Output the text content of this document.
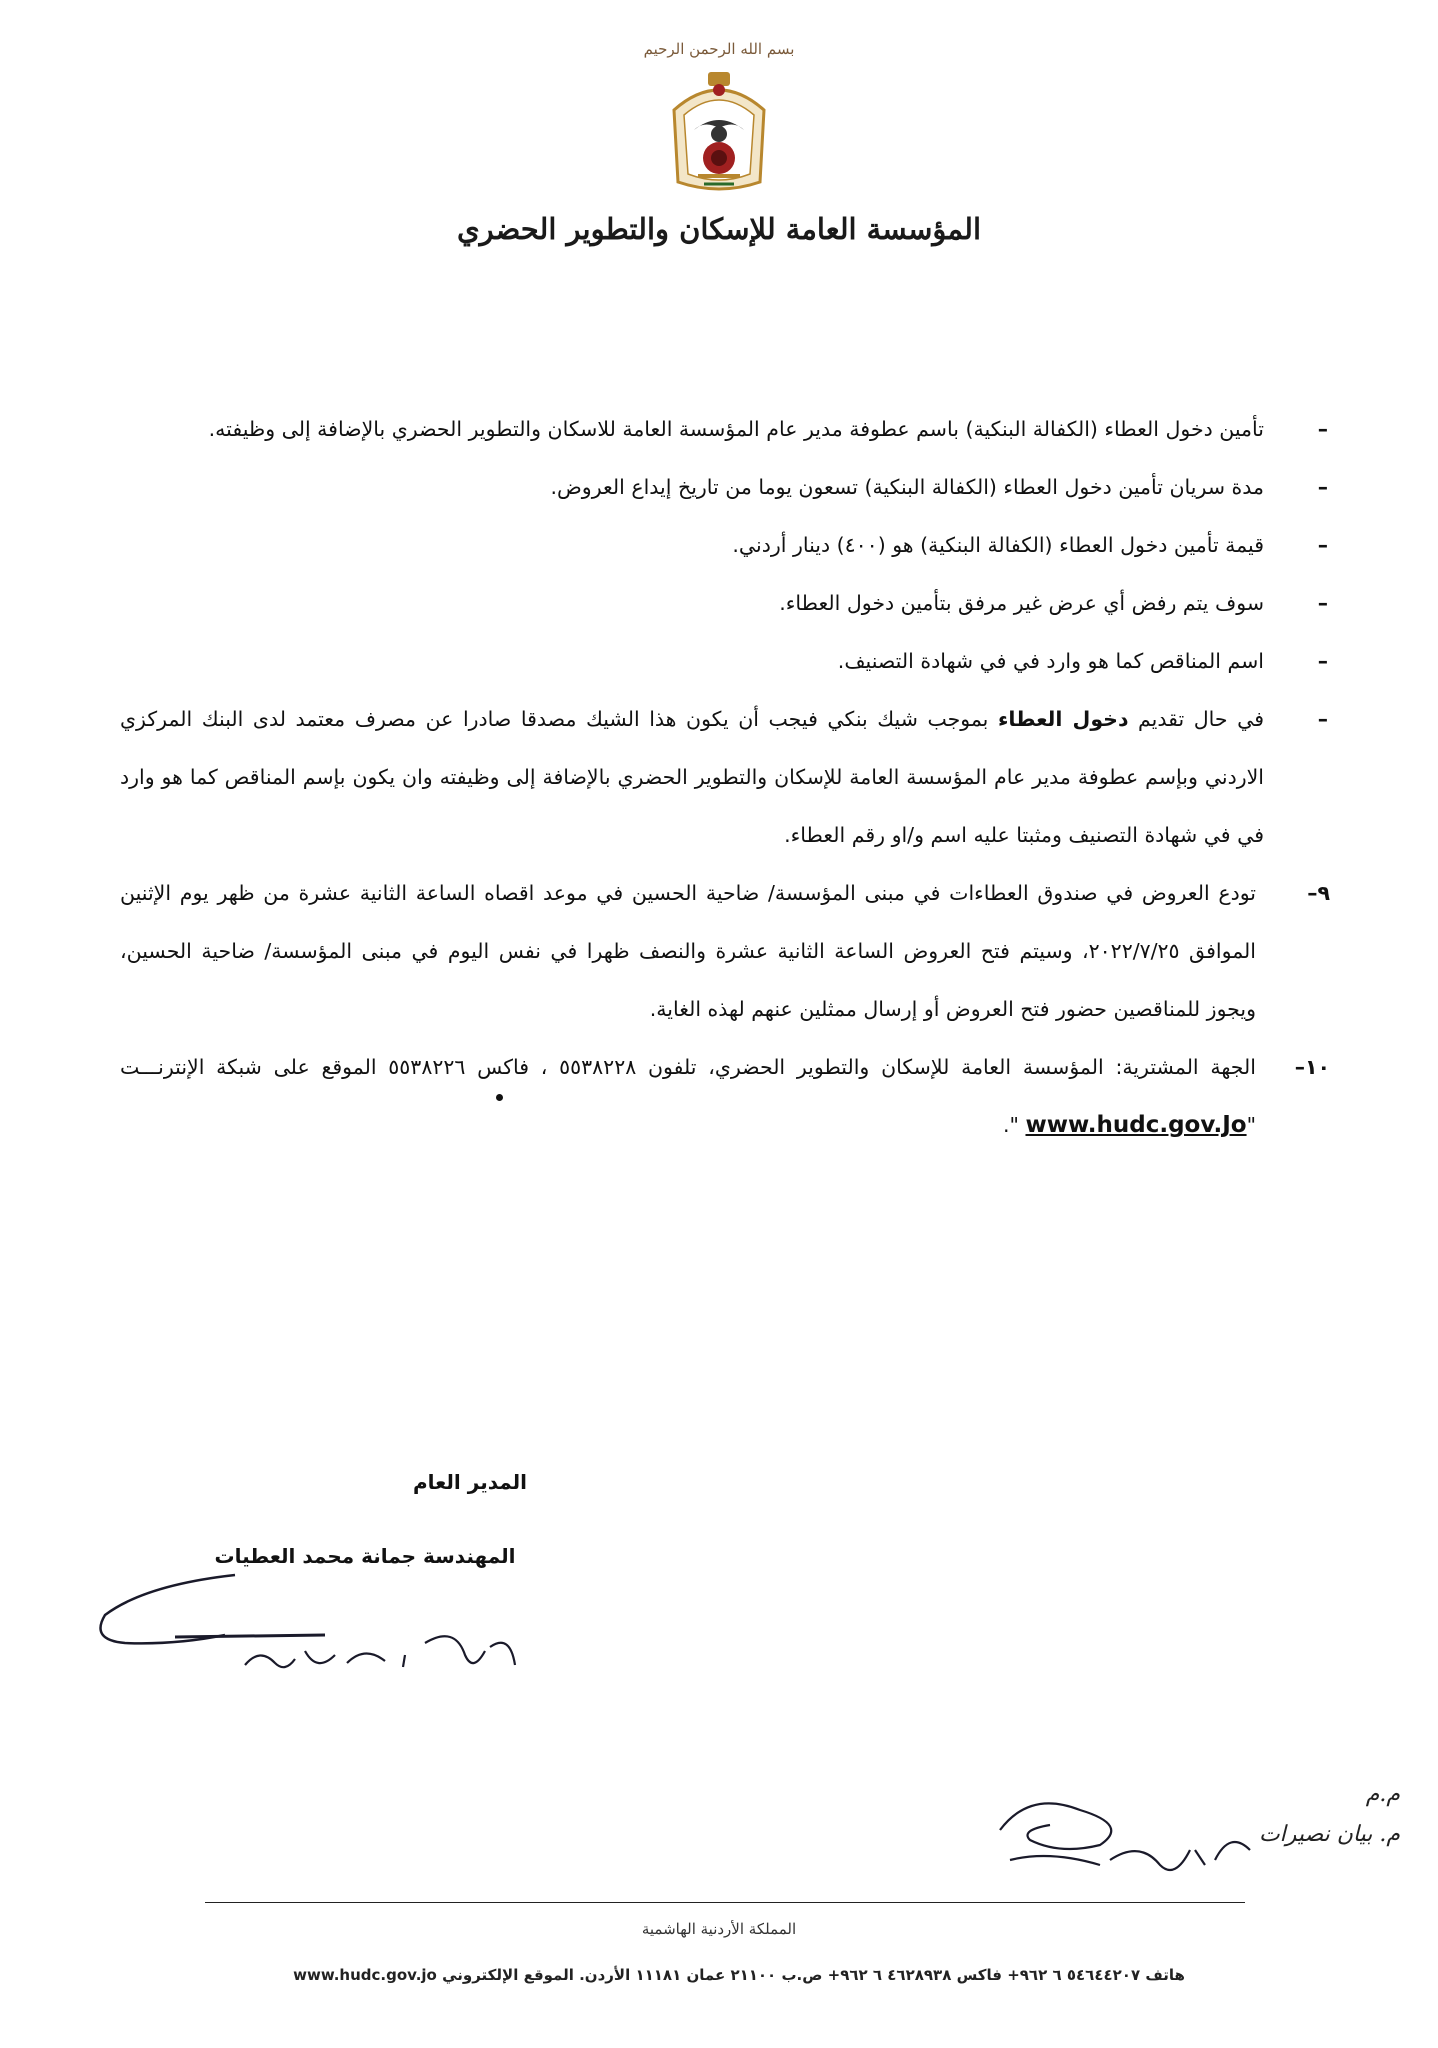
بسم الله الرحمن الرحيم
المؤسسة العامة للإسكان والتطوير الحضري

–
تأمين دخول العطاء (الكفالة البنكية) باسم عطوفة مدير عام المؤسسة العامة للاسكان والتطوير الحضري بالإضافة إلى وظيفته.

–
مدة سريان تأمين دخول العطاء (الكفالة البنكية) تسعون يوما من تاريخ إيداع العروض.

–
قيمة تأمين دخول العطاء (الكفالة البنكية) هو (٤٠٠) دينار أردني.

–
سوف يتم رفض أي عرض غير مرفق بتأمين دخول العطاء.

–
اسم المناقص كما هو وارد في في شهادة التصنيف.

–
في حال تقديم دخول العطاء بموجب شيك بنكي فيجب أن يكون هذا الشيك مصدقا صادرا عن مصرف معتمد لدى البنك المركزي الاردني وبإسم عطوفة مدير عام المؤسسة العامة للإسكان والتطوير الحضري بالإضافة إلى وظيفته وان يكون بإسم المناقص كما هو وارد في في شهادة التصنيف ومثبتا عليه اسم و/او رقم العطاء.

٩–
تودع العروض في صندوق العطاءات في مبنى المؤسسة/ ضاحية الحسين في موعد اقصاه الساعة الثانية عشرة من ظهر يوم الإثنين الموافق ٢٠٢٢/٧/٢٥، وسيتم فتح العروض الساعة الثانية عشرة والنصف ظهرا في نفس اليوم في مبنى المؤسسة/ ضاحية الحسين، ويجوز للمناقصين حضور فتح العروض أو إرسال ممثلين عنهم لهذه الغاية.

١٠–
الجهة المشترية: المؤسسة العامة للإسكان والتطوير الحضري، تلفون ٥٥٣٨٢٢٨ ، فاكس ٥٥٣٨٢٢٦ الموقع على شبكة الإنترنـــت "www.hudc.gov.Jo ".

المدير العام
المهندسة جمانة محمد العطيات
م.م
م. بيان نصيرات
المملكة الأردنية الهاشمية
هاتف ٥٤٦٤٤٢٠٧ ٦ ٩٦٢+ فاكس ٤٦٢٨٩٣٨ ٦ ٩٦٢+ ص.ب ٢١١٠٠ عمان ١١١٨١ الأردن. الموقع الإلكتروني www.hudc.gov.jo
